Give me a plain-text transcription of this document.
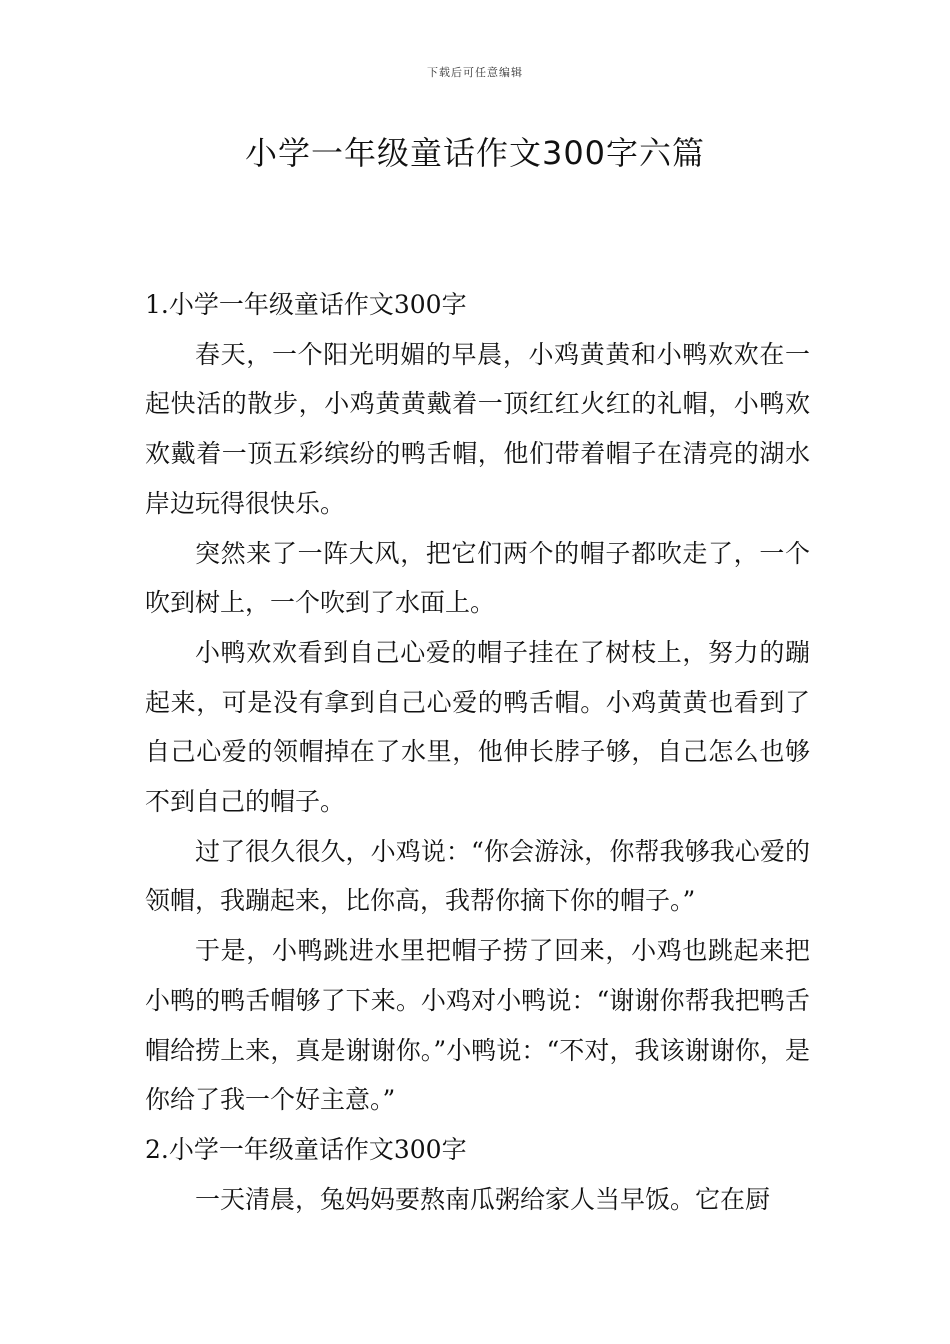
下载后可任意编辑
小学一年级童话作文300字六篇
1.小学一年级童话作文300字

春天，一个阳光明媚的早晨，小鸡黄黄和小鸭欢欢在一起快活的散步，小鸡黄黄戴着一顶红红火红的礼帽，小鸭欢欢戴着一顶五彩缤纷的鸭舌帽，他们带着帽子在清亮的湖水岸边玩得很快乐。

突然来了一阵大风，把它们两个的帽子都吹走了，一个吹到树上，一个吹到了水面上。

小鸭欢欢看到自己心爱的帽子挂在了树枝上，努力的蹦起来，可是没有拿到自己心爱的鸭舌帽。小鸡黄黄也看到了自己心爱的领帽掉在了水里，他伸长脖子够，自己怎么也够不到自己的帽子。

过了很久很久，小鸡说：“你会游泳，你帮我够我心爱的领帽，我蹦起来，比你高，我帮你摘下你的帽子。”

于是，小鸭跳进水里把帽子捞了回来，小鸡也跳起来把小鸭的鸭舌帽够了下来。小鸡对小鸭说：“谢谢你帮我把鸭舌帽给捞上来，真是谢谢你。”小鸭说：“不对，我该谢谢你，是你给了我一个好主意。”

2.小学一年级童话作文300字

一天清晨，兔妈妈要熬南瓜粥给家人当早饭。它在厨
